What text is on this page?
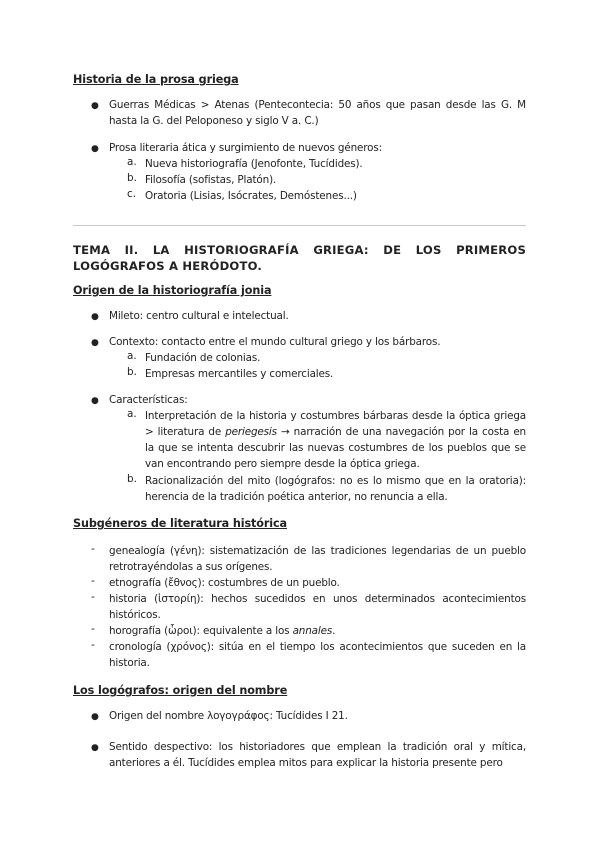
Historia de la prosa griega
● Guerras Médicas > Atenas (Pentecontecia: 50 años que pasan desde las G. M hasta la G. del Peloponeso y siglo V a. C.)
● Prosa literaria ática y surgimiento de nuevos géneros:
a. Nueva historiografía (Jenofonte, Tucídides).
b. Filosofía (sofistas, Platón).
c. Oratoria (Lisias, Isócrates, Demóstenes...)
TEMA II. LA HISTORIOGRAFÍA GRIEGA: DE LOS PRIMEROS LOGÓGRAFOS A HERÓDOTO.
Origen de la historiografía jonia
● Mileto: centro cultural e intelectual.
● Contexto: contacto entre el mundo cultural griego y los bárbaros.
a. Fundación de colonias.
b. Empresas mercantiles y comerciales.
● Características:
a. Interpretación de la historia y costumbres bárbaras desde la óptica griega > literatura de periegesis → narración de una navegación por la costa en la que se intenta descubrir las nuevas costumbres de los pueblos que se van encontrando pero siempre desde la óptica griega.
b. Racionalización del mito (logógrafos: no es lo mismo que en la oratoria): herencia de la tradición poética anterior, no renuncia a ella.
Subgéneros de literatura histórica
- genealogía (γένη): sistematización de las tradiciones legendarias de un pueblo retrotrayéndolas a sus orígenes.
- etnografía (ἔθνος): costumbres de un pueblo.
- historia (ἱστορίη): hechos sucedidos en unos determinados acontecimientos históricos.
- horografía (ὧροι): equivalente a los annales.
- cronología (χρόνος): sitúa en el tiempo los acontecimientos que suceden en la historia.
Los logógrafos: origen del nombre
● Origen del nombre λογογράφος: Tucídides I 21.
● Sentido despectivo: los historiadores que emplean la tradición oral y mítica, anteriores a él. Tucídides emplea mitos para explicar la historia presente pero
